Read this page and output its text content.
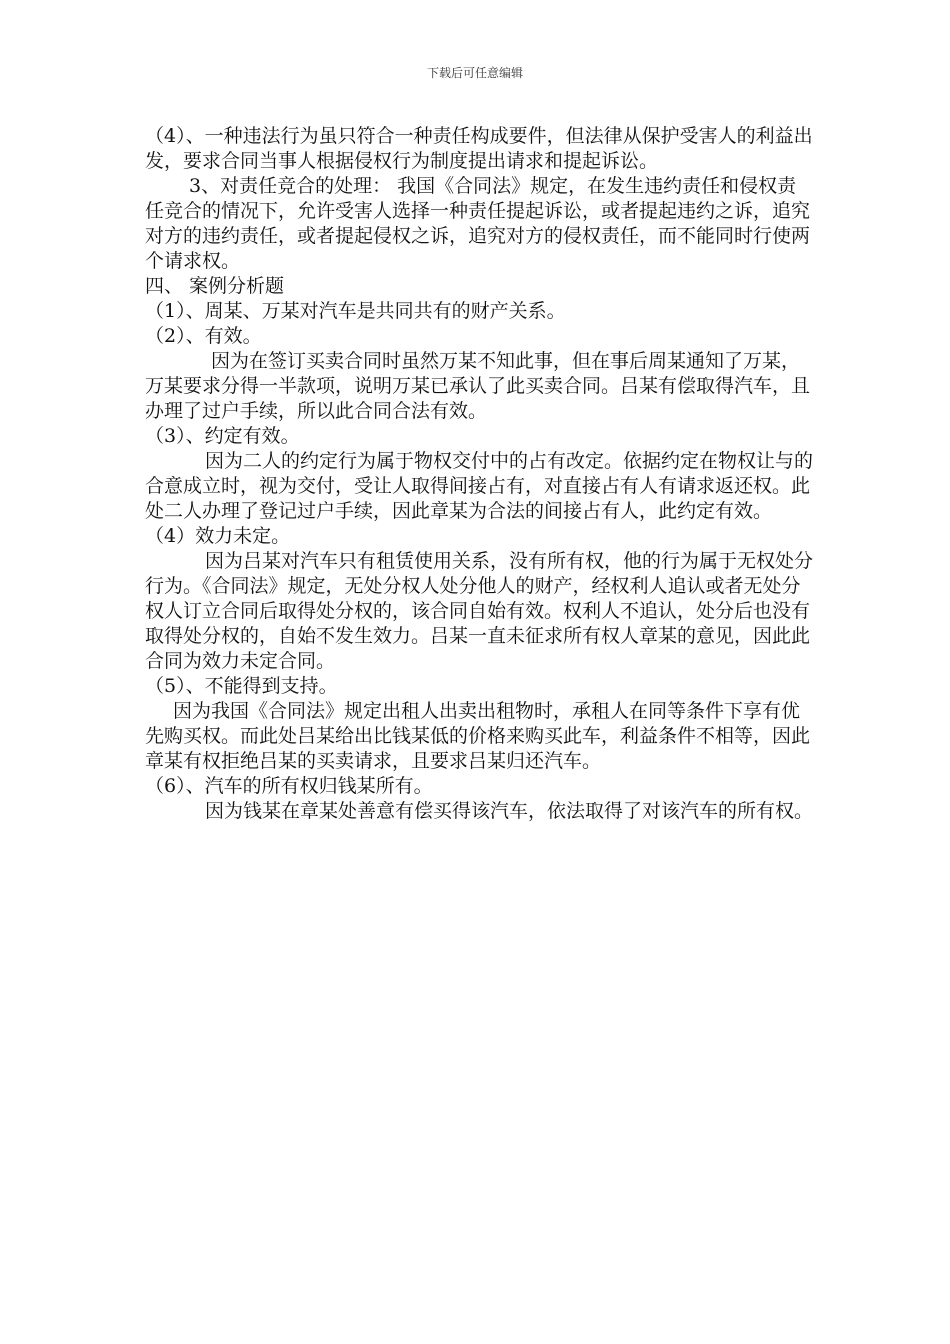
下载后可任意编辑

（4）、一种违法行为虽只符合一种责任构成要件，但法律从保护受害人的利益出发，要求合同当事人根据侵权行为制度提出请求和提起诉讼。

3、对责任竞合的处理： 我国《合同法》规定，在发生违约责任和侵权责任竞合的情况下，允许受害人选择一种责任提起诉讼，或者提起违约之诉，追究对方的违约责任，或者提起侵权之诉，追究对方的侵权责任，而不能同时行使两个请求权。

四、 案例分析题

（1）、周某、万某对汽车是共同共有的财产关系。

（2）、有效。

因为在签订买卖合同时虽然万某不知此事，但在事后周某通知了万某，万某要求分得一半款项，说明万某已承认了此买卖合同。吕某有偿取得汽车，且办理了过户手续，所以此合同合法有效。

（3）、约定有效。

因为二人的约定行为属于物权交付中的占有改定。依据约定在物权让与的合意成立时，视为交付，受让人取得间接占有，对直接占有人有请求返还权。此处二人办理了登记过户手续，因此章某为合法的间接占有人，此约定有效。

（4）效力未定。

因为吕某对汽车只有租赁使用关系，没有所有权，他的行为属于无权处分行为。《合同法》规定，无处分权人处分他人的财产，经权利人追认或者无处分权人订立合同后取得处分权的，该合同自始有效。权利人不追认，处分后也没有取得处分权的，自始不发生效力。吕某一直未征求所有权人章某的意见，因此此合同为效力未定合同。

（5）、不能得到支持。

因为我国《合同法》规定出租人出卖出租物时，承租人在同等条件下享有优先购买权。而此处吕某给出比钱某低的价格来购买此车，利益条件不相等，因此章某有权拒绝吕某的买卖请求，且要求吕某归还汽车。

（6）、汽车的所有权归钱某所有。

因为钱某在章某处善意有偿买得该汽车，依法取得了对该汽车的所有权。
